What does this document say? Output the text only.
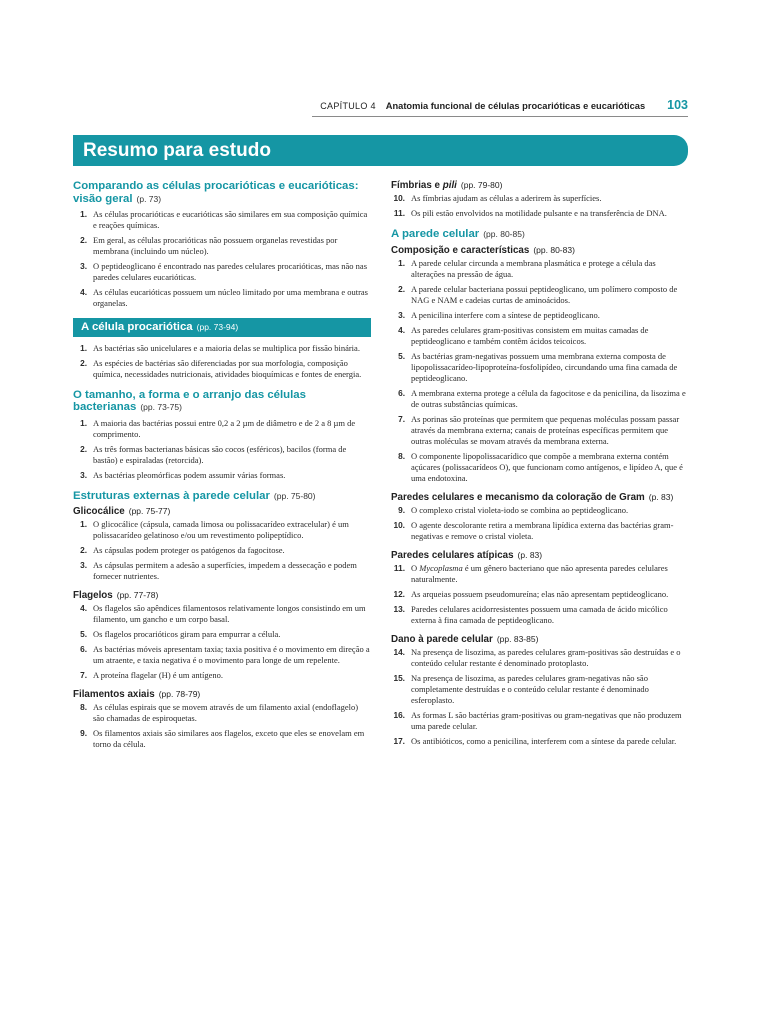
CAPÍTULO 4 Anatomia funcional de células procarióticas e eucarióticas 103
Resumo para estudo
Comparando as células procarióticas e eucarióticas: visão geral (p. 73)
1. As células procarióticas e eucarióticas são similares em sua composição química e reações químicas.
2. Em geral, as células procarióticas não possuem organelas revestidas por membrana (incluindo um núcleo).
3. O peptideoglicano é encontrado nas paredes celulares procarióticas, mas não nas paredes celulares eucarióticas.
4. As células eucarióticas possuem um núcleo limitado por uma membrana e outras organelas.
A célula procariótica (pp. 73-94)
1. As bactérias são unicelulares e a maioria delas se multiplica por fissão binária.
2. As espécies de bactérias são diferenciadas por sua morfologia, composição química, necessidades nutricionais, atividades bioquímicas e fontes de energia.
O tamanho, a forma e o arranjo das células bacterianas (pp. 73-75)
1. A maioria das bactérias possui entre 0,2 a 2 µm de diâmetro e de 2 a 8 µm de comprimento.
2. As três formas bacterianas básicas são cocos (esféricos), bacilos (forma de bastão) e espiraladas (retorcida).
3. As bactérias pleomórficas podem assumir várias formas.
Estruturas externas à parede celular (pp. 75-80)
Glicocálice (pp. 75-77)
1. O glicocálice (cápsula, camada limosa ou polissacarídeo extracelular) é um polissacarídeo gelatinoso e/ou um revestimento polipeptídico.
2. As cápsulas podem proteger os patógenos da fagocitose.
3. As cápsulas permitem a adesão a superfícies, impedem a dessecação e podem fornecer nutrientes.
Flagelos (pp. 77-78)
4. Os flagelos são apêndices filamentosos relativamente longos consistindo em um filamento, um gancho e um corpo basal.
5. Os flagelos procarióticos giram para empurrar a célula.
6. As bactérias móveis apresentam taxia; taxia positiva é o movimento em direção a um atraente, e taxia negativa é o movimento para longe de um repelente.
7. A proteína flagelar (H) é um antígeno.
Filamentos axiais (pp. 78-79)
8. As células espirais que se movem através de um filamento axial (endoflagelo) são chamadas de espiroquetas.
9. Os filamentos axiais são similares aos flagelos, exceto que eles se enovelam em torno da célula.
Fímbrias e pili (pp. 79-80)
10. As fímbrias ajudam as células a aderirem às superfícies.
11. Os pili estão envolvidos na motilidade pulsante e na transferência de DNA.
A parede celular (pp. 80-85)
Composição e características (pp. 80-83)
1. A parede celular circunda a membrana plasmática e protege a célula das alterações na pressão de água.
2. A parede celular bacteriana possui peptideoglicano, um polímero composto de NAG e NAM e cadeias curtas de aminoácidos.
3. A penicilina interfere com a síntese de peptideoglicano.
4. As paredes celulares gram-positivas consistem em muitas camadas de peptideoglicano e também contêm ácidos teicoicos.
5. As bactérias gram-negativas possuem uma membrana externa composta de lipopolissacarídeo-lipoproteína-fosfolipídeo, circundando uma fina camada de peptideoglicano.
6. A membrana externa protege a célula da fagocitose e da penicilina, da lisozima e de outras substâncias químicas.
7. As porinas são proteínas que permitem que pequenas moléculas possam passar através da membrana externa; canais de proteínas específicas permitem que outras moléculas se movam através da membrana externa.
8. O componente lipopolissacarídico que compõe a membrana externa contém açúcares (polissacarídeos O), que funcionam como antígenos, e lipídeo A, que é uma endotoxina.
Paredes celulares e mecanismo da coloração de Gram (p. 83)
9. O complexo cristal violeta-iodo se combina ao peptideoglicano.
10. O agente descolorante retira a membrana lipídica externa das bactérias gram-negativas e remove o cristal violeta.
Paredes celulares atípicas (p. 83)
11. O Mycoplasma é um gênero bacteriano que não apresenta paredes celulares naturalmente.
12. As arqueias possuem pseudomureína; elas não apresentam peptideoglicano.
13. Paredes celulares acidorresistentes possuem uma camada de ácido micólico externa à fina camada de peptideoglicano.
Dano à parede celular (pp. 83-85)
14. Na presença de lisozima, as paredes celulares gram-positivas são destruídas e o conteúdo celular restante é denominado protoplasto.
15. Na presença de lisozima, as paredes celulares gram-negativas não são completamente destruídas e o conteúdo celular restante é denominado esferoplasto.
16. As formas L são bactérias gram-positivas ou gram-negativas que não produzem uma parede celular.
17. Os antibióticos, como a penicilina, interferem com a síntese da parede celular.
